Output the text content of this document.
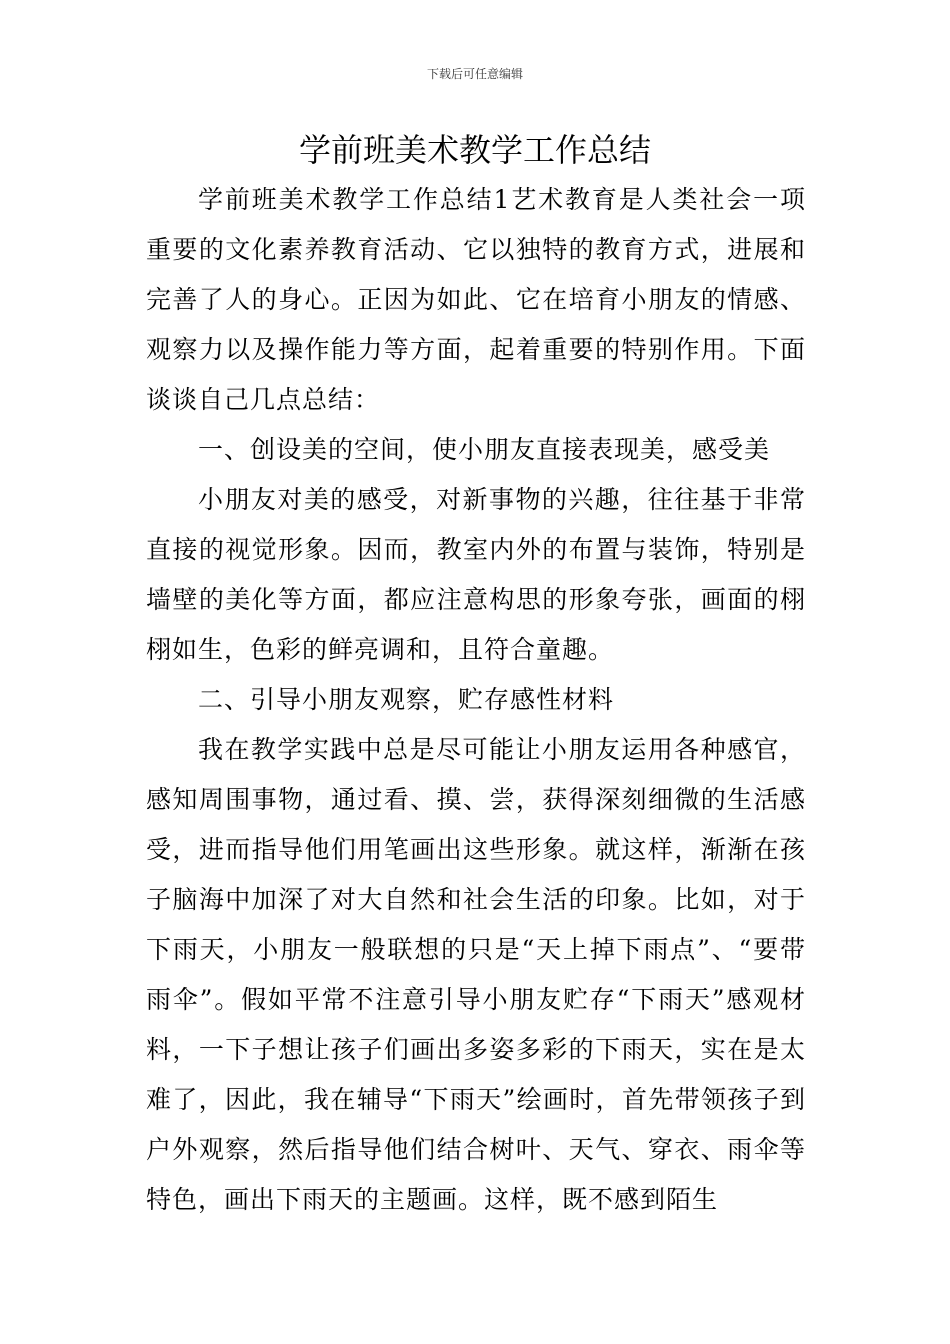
下载后可任意编辑
学前班美术教学工作总结

学前班美术教学工作总结1艺术教育是人类社会一项重要的文化素养教育活动、它以独特的教育方式，进展和完善了人的身心。正因为如此、它在培育小朋友的情感、观察力以及操作能力等方面，起着重要的特别作用。下面谈谈自己几点总结：

一、创设美的空间，使小朋友直接表现美，感受美

小朋友对美的感受，对新事物的兴趣，往往基于非常直接的视觉形象。因而，教室内外的布置与装饰，特别是墙壁的美化等方面，都应注意构思的形象夸张，画面的栩栩如生，色彩的鲜亮调和，且符合童趣。

二、引导小朋友观察，贮存感性材料

我在教学实践中总是尽可能让小朋友运用各种感官，感知周围事物，通过看、摸、尝，获得深刻细微的生活感受，进而指导他们用笔画出这些形象。就这样，渐渐在孩子脑海中加深了对大自然和社会生活的印象。比如，对于下雨天，小朋友一般联想的只是“天上掉下雨点”、“要带雨伞”。假如平常不注意引导小朋友贮存“下雨天”感观材料，一下子想让孩子们画出多姿多彩的下雨天，实在是太难了，因此，我在辅导“下雨天”绘画时，首先带领孩子到户外观察，然后指导他们结合树叶、天气、穿衣、雨伞等特色，画出下雨天的主题画。这样，既不感到陌生
